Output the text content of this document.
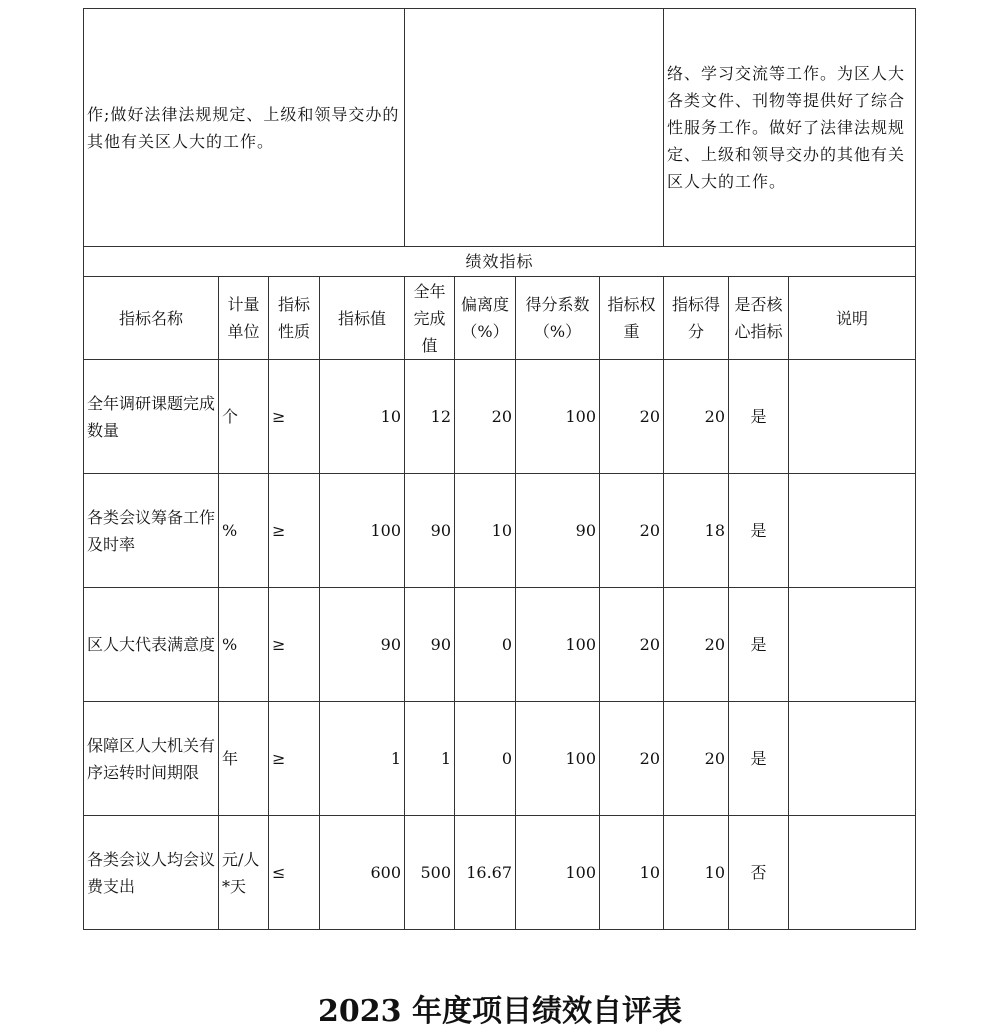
作;做好法律法规规定、上级和领导交办的其他有关区人大的工作。								络、学习交流等工作。为区人大各类文件、刊物等提供好了综合性服务工作。做好了法律法规规定、上级和领导交办的其他有关区人大的工作。		
绩效指标										
指标名称	计量单位	指标性质	指标值	全年完成值	偏离度（%）	得分系数（%）	指标权重	指标得分	是否核心指标	说明
全年调研课题完成数量	个	≥	10	12	20	100	20	20	是	
各类会议筹备工作及时率	%	≥	100	90	10	90	20	18	是	
区人大代表满意度	%	≥	90	90	0	100	20	20	是	
保障区人大机关有序运转时间期限	年	≥	1	1	0	100	20	20	是	
各类会议人均会议费支出	元/人*天	≤	600	500	16.67	100	10	10	否	
2023 年度项目绩效自评表
